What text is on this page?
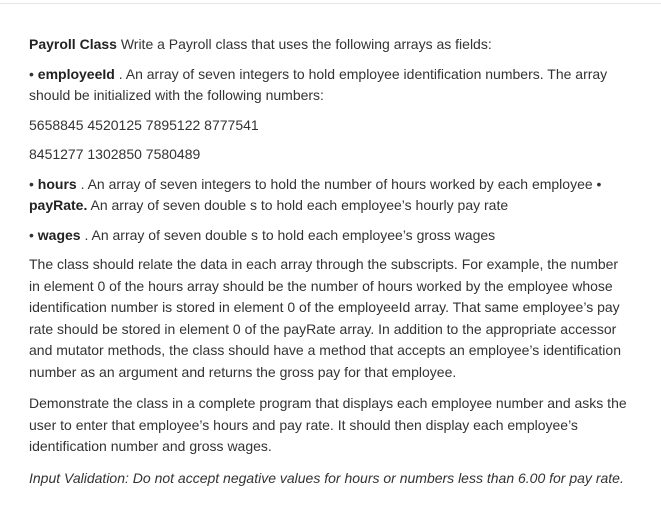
Payroll Class Write a Payroll class that uses the following arrays as fields:

• employeeId . An array of seven integers to hold employee identification numbers. The array should be initialized with the following numbers:

5658845 4520125 7895122 8777541

8451277 1302850 7580489

• hours . An array of seven integers to hold the number of hours worked by each employee • payRate. An array of seven double s to hold each employee’s hourly pay rate

• wages . An array of seven double s to hold each employee’s gross wages

The class should relate the data in each array through the subscripts. For example, the number in element 0 of the hours array should be the number of hours worked by the employee whose identification number is stored in element 0 of the employeeId array. That same employee’s pay rate should be stored in element 0 of the payRate array. In addition to the appropriate accessor and mutator methods, the class should have a method that accepts an employee’s identification number as an argument and returns the gross pay for that employee.

Demonstrate the class in a complete program that displays each employee number and asks the user to enter that employee’s hours and pay rate. It should then display each employee’s identification number and gross wages.

Input Validation: Do not accept negative values for hours or numbers less than 6.00 for pay rate.
